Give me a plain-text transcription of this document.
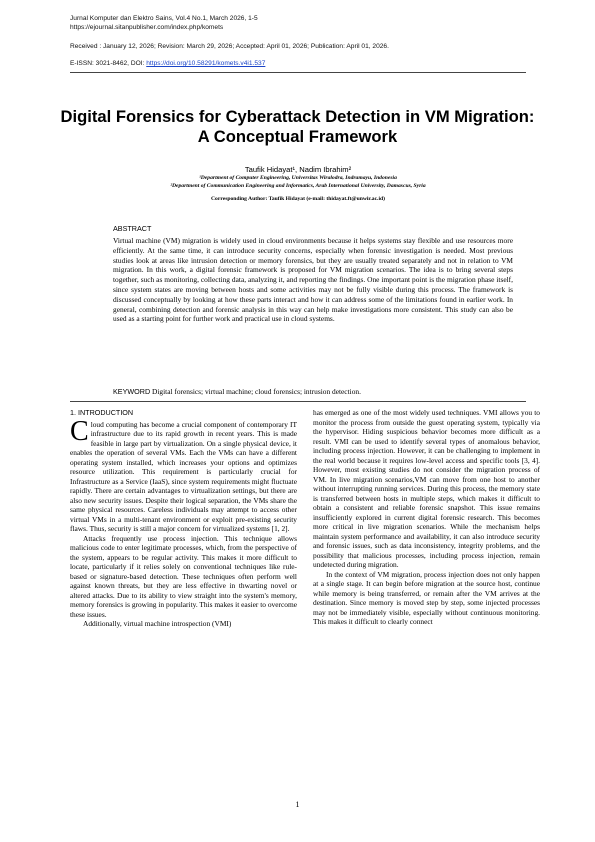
Jurnal Komputer dan Elektro Sains, Vol.4 No.1, March 2026, 1-5
https://ejournal.sitanpublisher.com/index.php/komets
Received : January 12, 2026; Revision: March 29, 2026; Accepted: April 01, 2026; Publication: April 01, 2026.
E-ISSN: 3021-8462, DOI: https://doi.org/10.58291/komets.v4i1.537
Digital Forensics for Cyberattack Detection in VM Migration: A Conceptual Framework
Taufik Hidayat¹, Nadim Ibrahim²
¹Department of Computer Engineering, Universitas Wiralodra, Indramayu, Indonesia
²Department of Communication Engineering and Informatics, Arab International University, Damascus, Syria
Corresponding Author: Taufik Hidayat (e-mail: thidayat.ft@unwir.ac.id)
ABSTRACT
Virtual machine (VM) migration is widely used in cloud environments because it helps systems stay flexible and use resources more efficiently. At the same time, it can introduce security concerns, especially when forensic investigation is needed. Most previous studies look at areas like intrusion detection or memory forensics, but they are usually treated separately and not in relation to VM migration. In this work, a digital forensic framework is proposed for VM migration scenarios. The idea is to bring several steps together, such as monitoring, collecting data, analyzing it, and reporting the findings. One important point is the migration phase itself, since system states are moving between hosts and some activities may not be fully visible during this process. The framework is discussed conceptually by looking at how these parts interact and how it can address some of the limitations found in earlier work. In general, combining detection and forensic analysis in this way can help make investigations more consistent. This study can also be used as a starting point for further work and practical use in cloud systems.
KEYWORD Digital forensics; virtual machine; cloud forensics; intrusion detection.
1. INTRODUCTION

Cloud computing has become a crucial component of contemporary IT infrastructure due to its rapid growth in recent years. This is made feasible in large part by virtualization. On a single physical device, it enables the operation of several VMs. Each the VMs can have a different operating system installed, which increases your options and optimizes resource utilization. This requirement is particularly crucial for Infrastructure as a Service (IaaS), since system requirements might fluctuate rapidly. There are certain advantages to virtualization settings, but there are also new security issues. Despite their logical separation, the VMs share the same physical resources. Careless individuals may attempt to access other virtual VMs in a multi-tenant environment or exploit pre-existing security flaws. Thus, security is still a major concern for virtualized systems [1, 2].

Attacks frequently use process injection. This technique allows malicious code to enter legitimate processes, which, from the perspective of the system, appears to be regular activity. This makes it more difficult to locate, particularly if it relies solely on conventional techniques like rule-based or signature-based detection. These techniques often perform well against known threats, but they are less effective in thwarting novel or altered attacks. Due to its ability to view straight into the system's memory, memory forensics is growing in popularity. This makes it easier to overcome these issues.

Additionally, virtual machine introspection (VMI)

has emerged as one of the most widely used techniques. VMI allows you to monitor the process from outside the guest operating system, typically via the hypervisor. Hiding suspicious behavior becomes more difficult as a result. VMI can be used to identify several types of anomalous behavior, including process injection. However, it can be challenging to implement in the real world because it requires low-level access and specific tools [3, 4]. However, most existing studies do not consider the migration process of VM. In live migration scenarios,VM can move from one host to another without interrupting running services. During this process, the memory state is transferred between hosts in multiple steps, which makes it difficult to obtain a consistent and reliable forensic snapshot. This issue remains insufficiently explored in current digital forensic research. This becomes more critical in live migration scenarios. While the mechanism helps maintain system performance and availability, it can also introduce security and forensic issues, such as data inconsistency, integrity problems, and the possibility that malicious processes, including process injection, remain undetected during migration.

In the context of VM migration, process injection does not only happen at a single stage. It can begin before migration at the source host, continue while memory is being transferred, or remain after the VM arrives at the destination. Since memory is moved step by step, some injected processes may not be immediately visible, especially without continuous monitoring. This makes it difficult to clearly connect

1
